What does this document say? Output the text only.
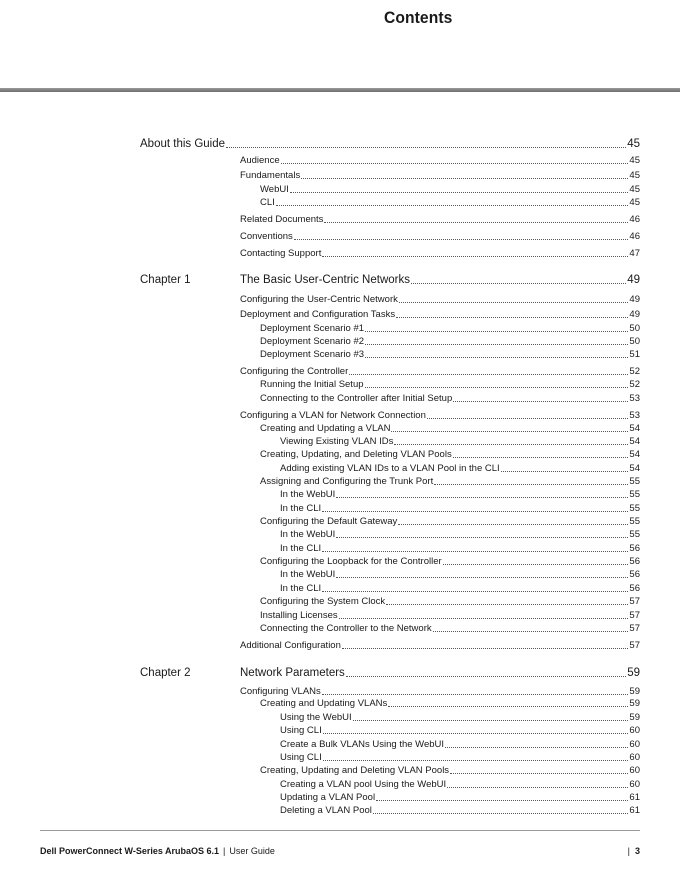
Contents
About this Guide	45
Audience	45
Fundamentals	45
WebUI	45
CLI	45
Related Documents	46
Conventions	46
Contacting Support	47
Chapter 1	The Basic User-Centric Networks	49
Configuring the User-Centric Network	49
Deployment and Configuration Tasks	49
Deployment Scenario #1	50
Deployment Scenario #2	50
Deployment Scenario #3	51
Configuring the Controller	52
Running the Initial Setup	52
Connecting to the Controller after Initial Setup	53
Configuring a VLAN for Network Connection	53
Creating and Updating a VLAN	54
Viewing Existing VLAN IDs	54
Creating, Updating, and Deleting VLAN Pools	54
Adding existing VLAN IDs to a VLAN Pool in the CLI	54
Assigning and Configuring the Trunk Port	55
In the WebUI	55
In the CLI	55
Configuring the Default Gateway	55
In the WebUI	55
In the CLI	56
Configuring the Loopback for the Controller	56
In the WebUI	56
In the CLI	56
Configuring the System Clock	57
Installing Licenses	57
Connecting the Controller to the Network	57
Additional Configuration	57
Chapter 2	Network Parameters	59
Configuring VLANs	59
Creating and Updating VLANs	59
Using the WebUI	59
Using CLI	60
Create a Bulk VLANs Using the WebUI	60
Using CLI	60
Creating, Updating and Deleting VLAN Pools	60
Creating a VLAN pool Using the WebUI	60
Updating a VLAN Pool	61
Deleting a VLAN Pool	61
Dell PowerConnect W-Series ArubaOS 6.1 | User Guide	| 3
